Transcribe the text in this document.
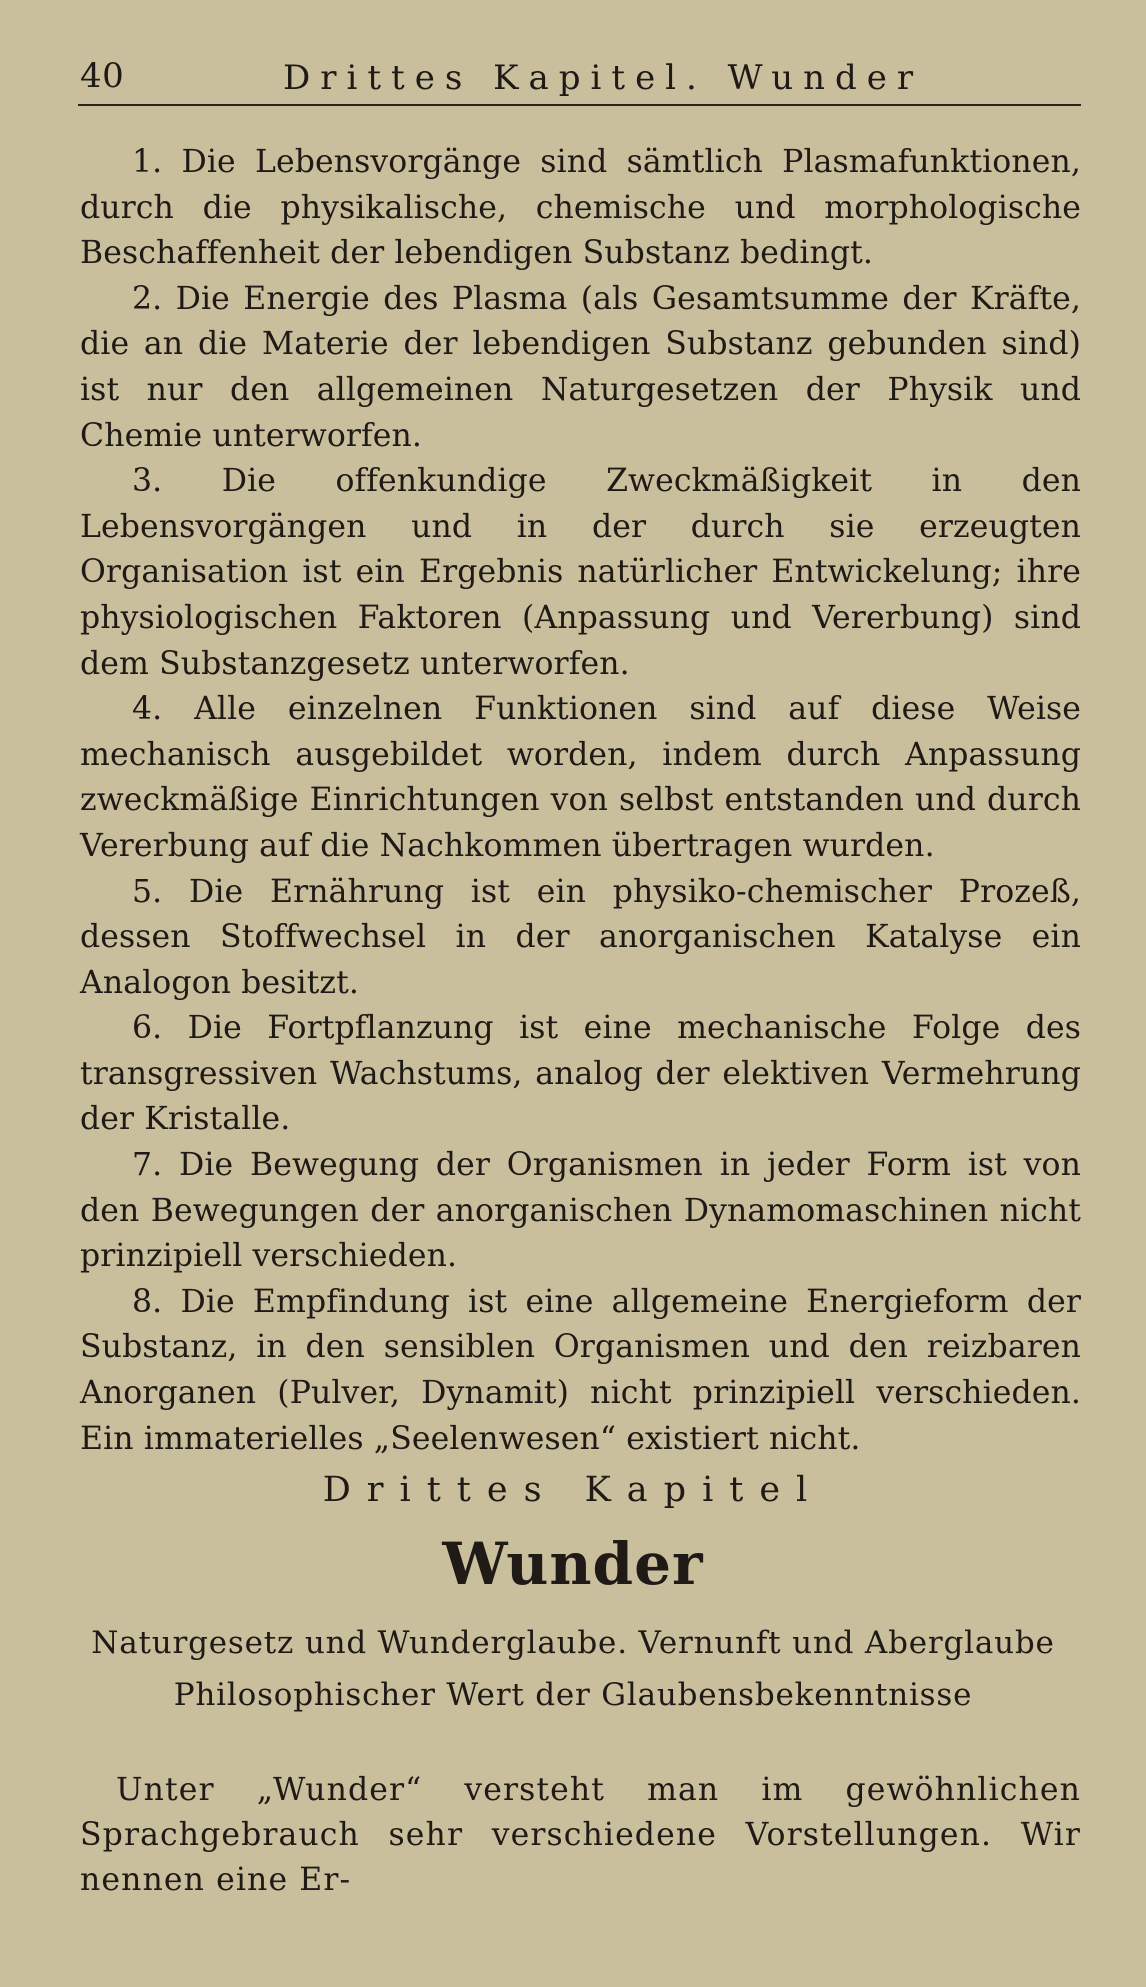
40	Drittes Kapitel. Wunder

1. Die Lebensvorgänge sind sämtlich Plasmafunktionen, durch die physikalische, chemische und morphologische Beschaffenheit der lebendigen Substanz bedingt.

2. Die Energie des Plasma (als Gesamtsumme der Kräfte, die an die Materie der lebendigen Substanz gebunden sind) ist nur den allgemeinen Naturgesetzen der Physik und Chemie unterworfen.

3. Die offenkundige Zweckmäßigkeit in den Lebensvorgängen und in der durch sie erzeugten Organisation ist ein Ergebnis natürlicher Entwickelung; ihre physiologischen Faktoren (Anpassung und Vererbung) sind dem Substanzgesetz unterworfen.

4. Alle einzelnen Funktionen sind auf diese Weise mechanisch ausgebildet worden, indem durch Anpassung zweckmäßige Einrichtungen von selbst entstanden und durch Vererbung auf die Nachkommen übertragen wurden.

5. Die Ernährung ist ein physiko-chemischer Prozeß, dessen Stoffwechsel in der anorganischen Katalyse ein Analogon besitzt.

6. Die Fortpflanzung ist eine mechanische Folge des transgressiven Wachstums, analog der elektiven Vermehrung der Kristalle.

7. Die Bewegung der Organismen in jeder Form ist von den Bewegungen der anorganischen Dynamomaschinen nicht prinzipiell verschieden.

8. Die Empfindung ist eine allgemeine Energieform der Substanz, in den sensiblen Organismen und den reizbaren Anorganen (Pulver, Dynamit) nicht prinzipiell verschieden. Ein immaterielles „Seelenwesen“ existiert nicht.

Drittes Kapitel
Wunder
Naturgesetz und Wunderglaube. Vernunft und Aberglaube
Philosophischer Wert der Glaubensbekenntnisse

Unter „Wunder“ versteht man im gewöhnlichen Sprachgebrauch sehr verschiedene Vorstellungen. Wir nennen eine Er-
